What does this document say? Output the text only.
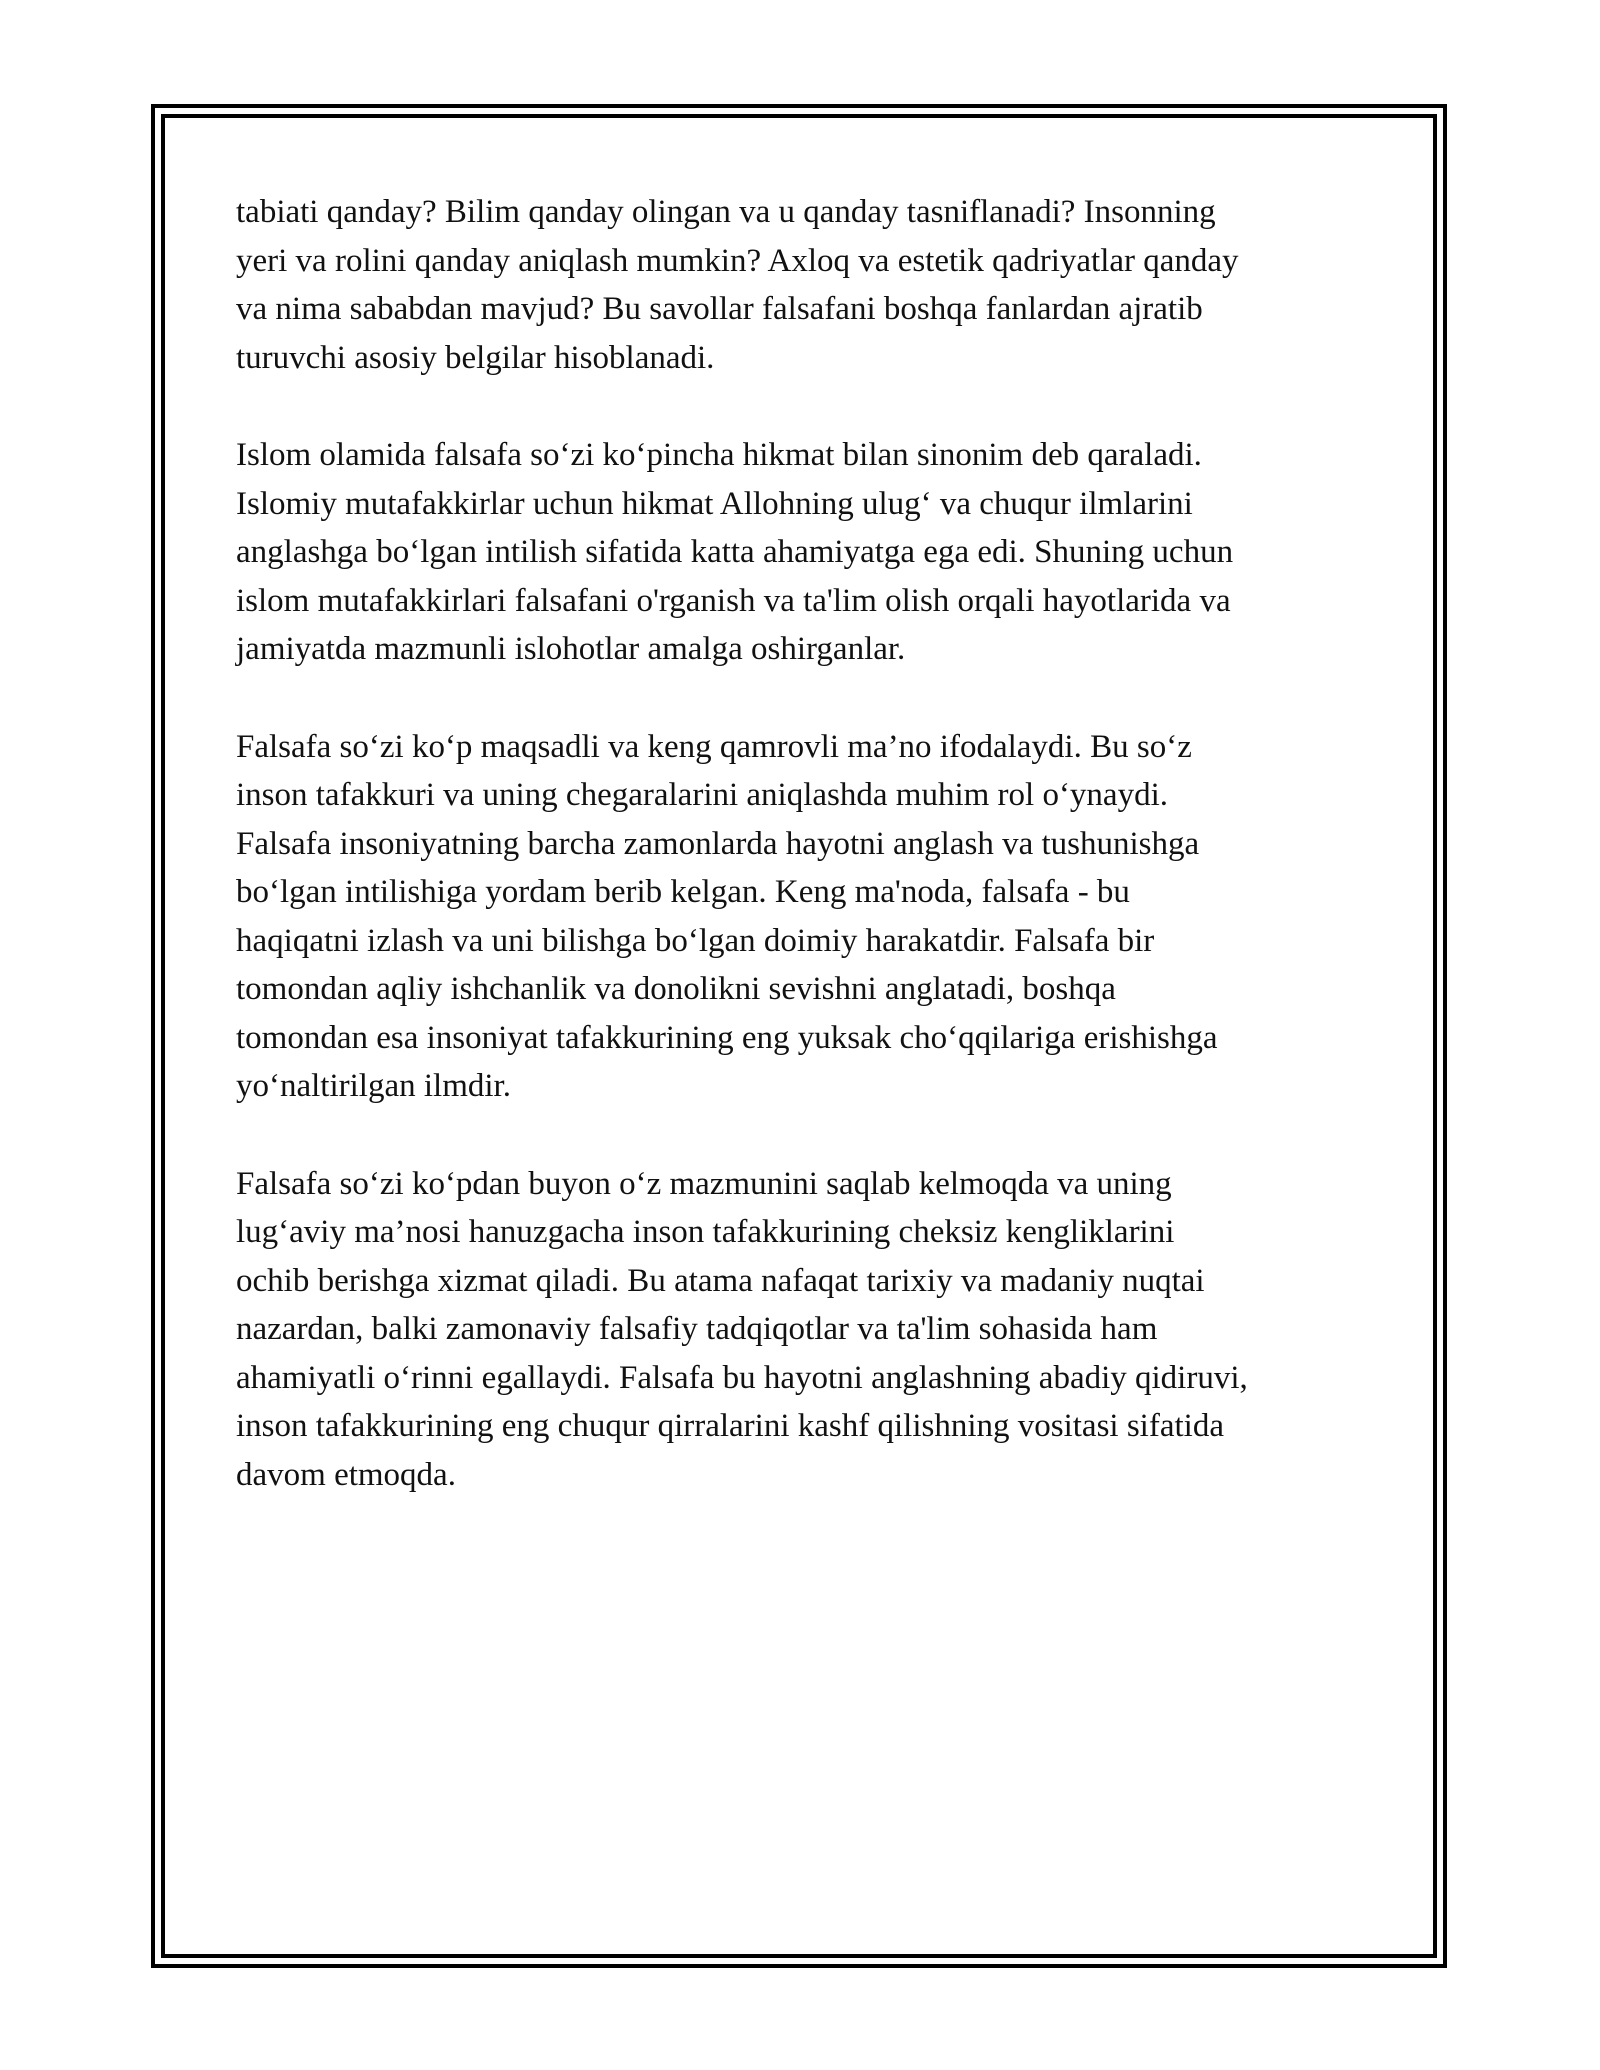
tabiati qanday? Bilim qanday olingan va u qanday tasniflanadi? Insonning
yeri va rolini qanday aniqlash mumkin? Axloq va estetik qadriyatlar qanday
va nima sababdan mavjud? Bu savollar falsafani boshqa fanlardan ajratib
turuvchi asosiy belgilar hisoblanadi.

Islom olamida falsafa so‘zi ko‘pincha hikmat bilan sinonim deb qaraladi.
Islomiy mutafakkirlar uchun hikmat Allohning ulug‘ va chuqur ilmlarini
anglashga bo‘lgan intilish sifatida katta ahamiyatga ega edi. Shuning uchun
islom mutafakkirlari falsafani o'rganish va ta'lim olish orqali hayotlarida va
jamiyatda mazmunli islohotlar amalga oshirganlar.

Falsafa so‘zi ko‘p maqsadli va keng qamrovli ma’no ifodalaydi. Bu so‘z
inson tafakkuri va uning chegaralarini aniqlashda muhim rol o‘ynaydi.
Falsafa insoniyatning barcha zamonlarda hayotni anglash va tushunishga
bo‘lgan intilishiga yordam berib kelgan. Keng ma'noda, falsafa - bu
haqiqatni izlash va uni bilishga bo‘lgan doimiy harakatdir. Falsafa bir
tomondan aqliy ishchanlik va donolikni sevishni anglatadi, boshqa
tomondan esa insoniyat tafakkurining eng yuksak cho‘qqilariga erishishga
yo‘naltirilgan ilmdir.

Falsafa so‘zi ko‘pdan buyon o‘z mazmunini saqlab kelmoqda va uning
lug‘aviy ma’nosi hanuzgacha inson tafakkurining cheksiz kengliklarini
ochib berishga xizmat qiladi. Bu atama nafaqat tarixiy va madaniy nuqtai
nazardan, balki zamonaviy falsafiy tadqiqotlar va ta'lim sohasida ham
ahamiyatli o‘rinni egallaydi. Falsafa bu hayotni anglashning abadiy qidiruvi,
inson tafakkurining eng chuqur qirralarini kashf qilishning vositasi sifatida
davom etmoqda.
